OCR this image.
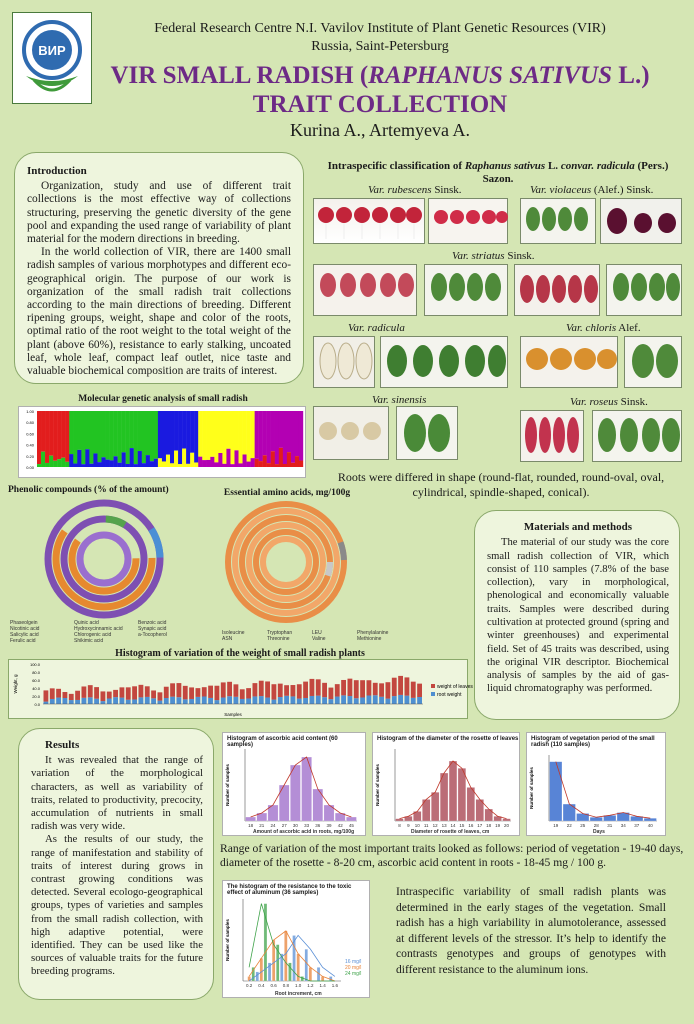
ВИР
Federal Research Centre N.I. Vavilov Institute of Plant Genetic Resources (VIR)
Russia, Saint-Petersburg
VIR SMALL RADISH (RAPHANUS SATIVUS L.)
TRAIT COLLECTION
Kurina A., Artemyeva A.
Introduction

Organization, study and use of different trait collections is the most effective way of collections structuring, preserving the genetic diversity of the gene pool and expanding the used range of variability of plant material for the modern directions in breeding.

In the world collection of VIR, there are 1400 small radish samples of various morphotypes and different eco-geographical origin. The purpose of our work is organization of the small radish trait collections according to the main directions of breeding. Different ripening groups, weight, shape and color of the roots, optimal ratio of the root weight to the total weight of the plant (above 60%), resistance to early stalking, uncoated leaf, whole leaf, compact leaf outlet, nice taste and valuable biochemical composition are traits of interest.

Intraspecific classification of Raphanus sativus L. convar. radicula (Pers.) Sazon.
Var. rubescens Sinsk.	Var. violaceus (Alef.) Sinsk.
Var. striatus Sinsk.
Var. radicula	Var. chloris Alef.
Var. sinensis	Var. roseus Sinsk.
Roots were differed in shape (round-flat, rounded, round-oval, oval, cylindrical, spindle-shaped, conical).
Molecular genetic analysis of small radish
1.00
0.80
0.60
0.40
0.20
0.00
Phenolic compounds (% of the amount)
Phaseolgein	Quinic acid	Benzoic acid
Nicotinic acid	Hydroxycinnamic acid	Synapic acid
Salicylic acid	Chlorogenic acid	a-Tocopherol
Ferulic acid	Shikimic acid
Essential amino acids, mg/100g
Isoleucine	Tryptophan	LEU	Phenylalanine
ASN	Threonine	Valine	Methionine
Histogram of variation of the weight of small radish plants
100.0
80.0
60.0
40.0
20.0
0.0
Weight, g
Samples
weight of leaves
root weight
Materials and methods

The material of our study was the core small radish collection of VIR, which consist of 110 samples (7.8% of the base collection), vary in morphological, phenological and economically valuable traits. Samples were described during cultivation at protected ground (spring and winter greenhouses) and experimental field. Set of 45 traits was described, using the original VIR descriptor. Biochemical analysis of samples by the aid of gas-liquid chromatography was performed.

Results

It was revealed that the range of variation of the morphological characters, as well as variability of traits, related to productivity, precocity, accumulation of nutrients in small radish was very wide.

As the results of our study, the range of manifestation and stability of traits of interest during grows in contrast growing conditions was detected. Several ecologo-geographical groups, types of varieties and samples from the small radish collection, with high adaptive potential, were identified. They can be used like the sources of valuable traits for the future breeding programs.

Histogram of ascorbic acid content (60 samples)
18 21 24 27 30 33 36 39 42 45
Number of samples
Amount of ascorbic acid in roots, mg/100g
Histogram of the diameter of the rosette of leaves
8 9 10 11 12 13 14 15 16 17 18 19 20
Number of samples
Diameter of rosette of leaves, cm
Histogram of vegetation period of the small radish (110 samples)
19 22 25 28 31 34 37 40
Number of samples
Days
Range of variation of the most important traits looked as follows: period of vegetation - 19-40 days, diameter of the rosette - 8-20 cm, ascorbic acid content in roots - 18-45 mg / 100 g.
The histogram of the resistance to the toxic effect of aluminum (36 samples)
0.2 0.4 0.6 0.8 1.0 1.2 1.4 1.6
Number of samples
Root increment, cm
16 mg/l
20 mg/l
24 mg/l
Intraspecific variability of small radish plants was determined in the early stages of the vegetation. Small radish has a high variability in alumotolerance, assessed at different levels of the stressor. It’s help to identify the contrasts genotypes and groups of genotypes with different resistance to the aluminum ions.
